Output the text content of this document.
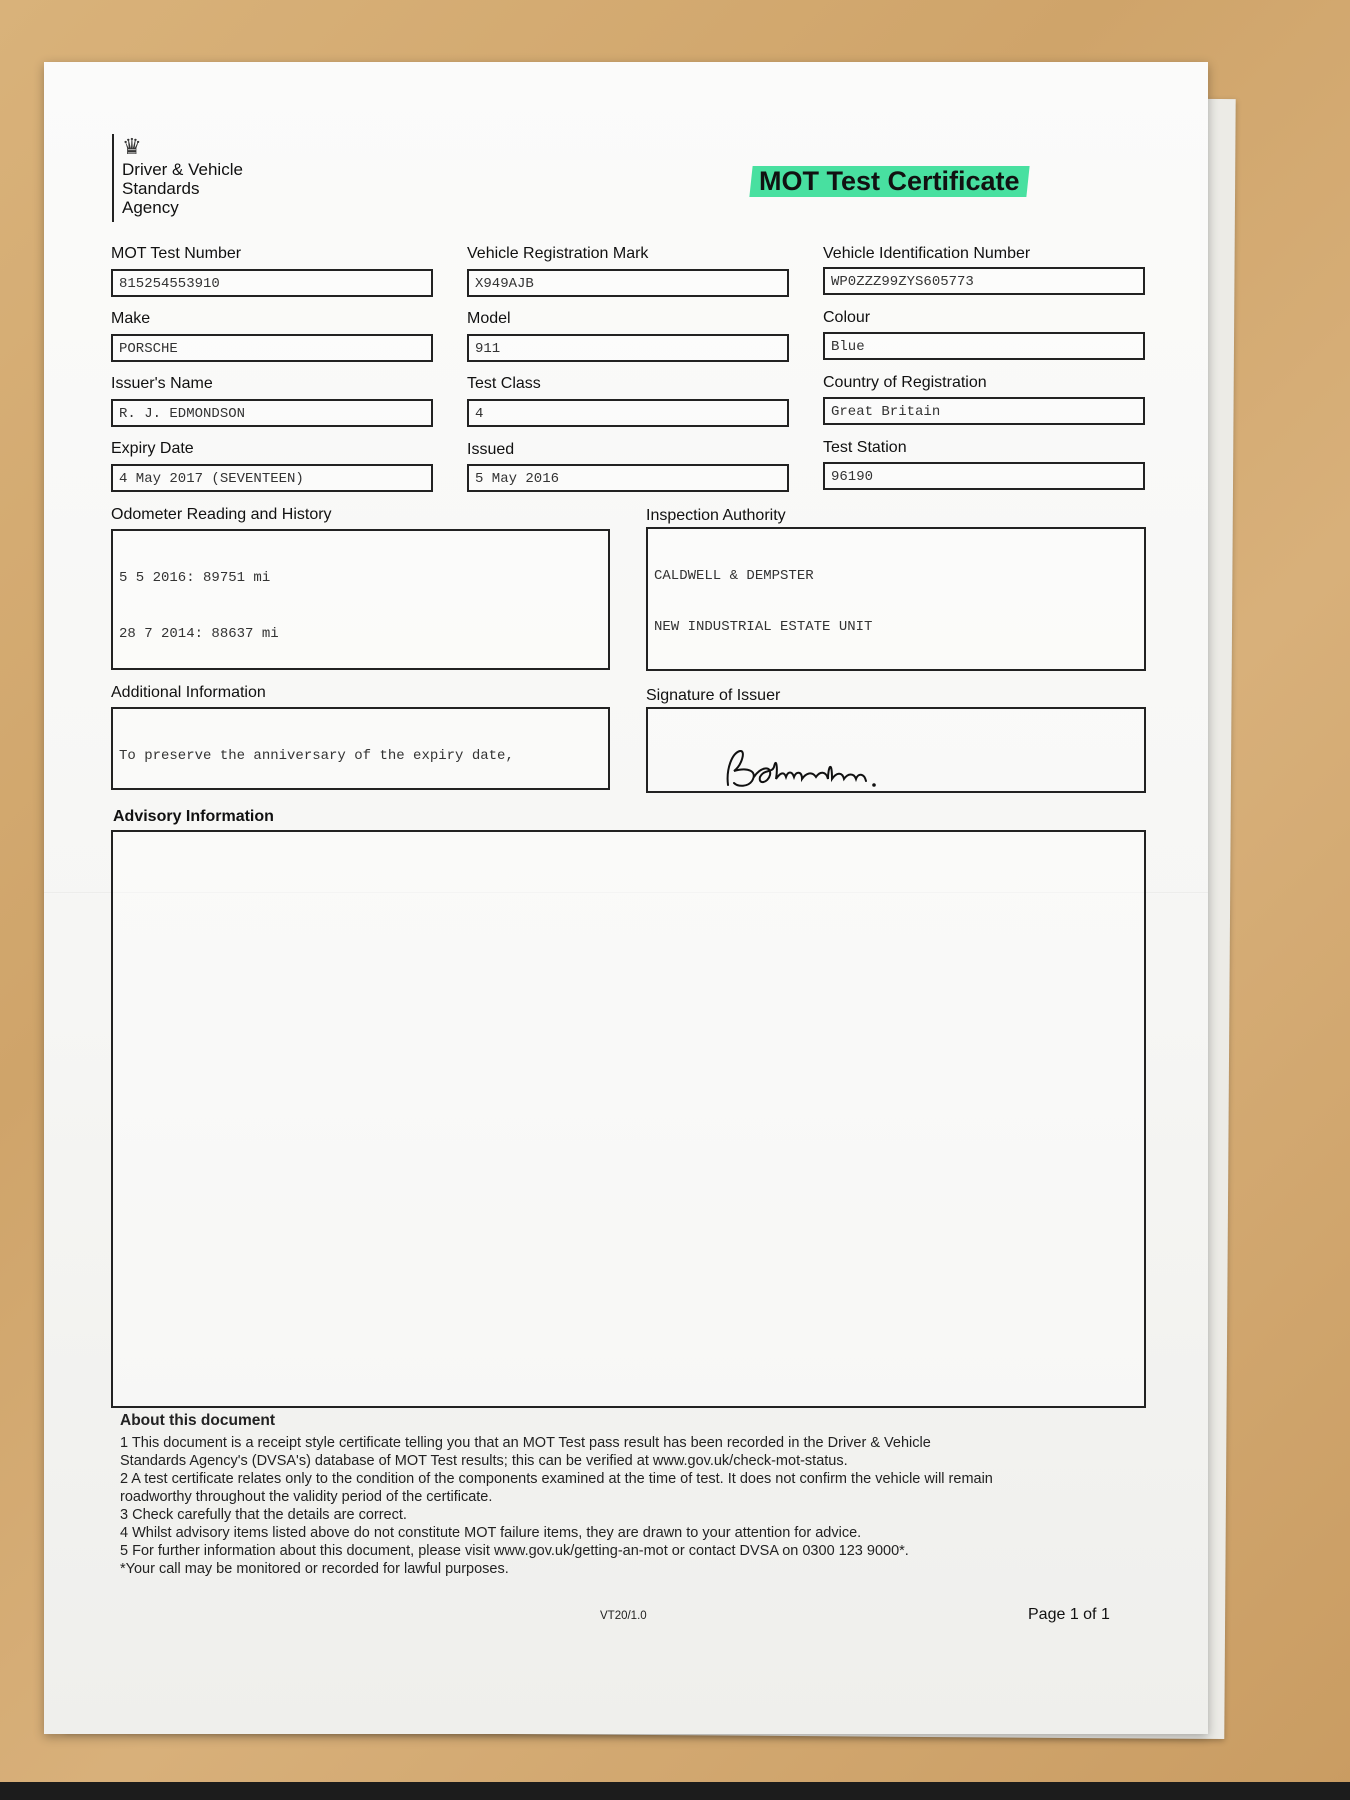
♛
Driver & Vehicle
Standards
Agency
MOT Test Certificate
MOT Test Number
815254553910
Vehicle Registration Mark
X949AJB
Vehicle Identification Number
WP0ZZZ99ZYS605773
Make
PORSCHE
Model
911
Colour
Blue
Issuer's Name
R. J. EDMONDSON
Test Class
4
Country of Registration
Great Britain
Expiry Date
4 May 2017 (SEVENTEEN)
Issued
5 May 2016
Test Station
96190
Odometer Reading and History

5 5 2016: 89751 mi

28 7 2014: 88637 mi

Inspection Authority

CALDWELL & DEMPSTER

NEW INDUSTRIAL ESTATE UNIT

Additional Information

To preserve the anniversary of the expiry date,

Signature of Issuer

Advisory Information
About this document
1 This document is a receipt style certificate telling you that an MOT Test pass result has been recorded in the Driver & Vehicle
Standards Agency's (DVSA's) database of MOT Test results; this can be verified at www.gov.uk/check-mot-status.
2 A test certificate relates only to the condition of the components examined at the time of test. It does not confirm the vehicle will remain
roadworthy throughout the validity period of the certificate.
3 Check carefully that the details are correct.
4 Whilst advisory items listed above do not constitute MOT failure items, they are drawn to your attention for advice.
5 For further information about this document, please visit www.gov.uk/getting-an-mot or contact DVSA on 0300 123 9000*.
*Your call may be monitored or recorded for lawful purposes.
VT20/1.0	Page 1 of 1
